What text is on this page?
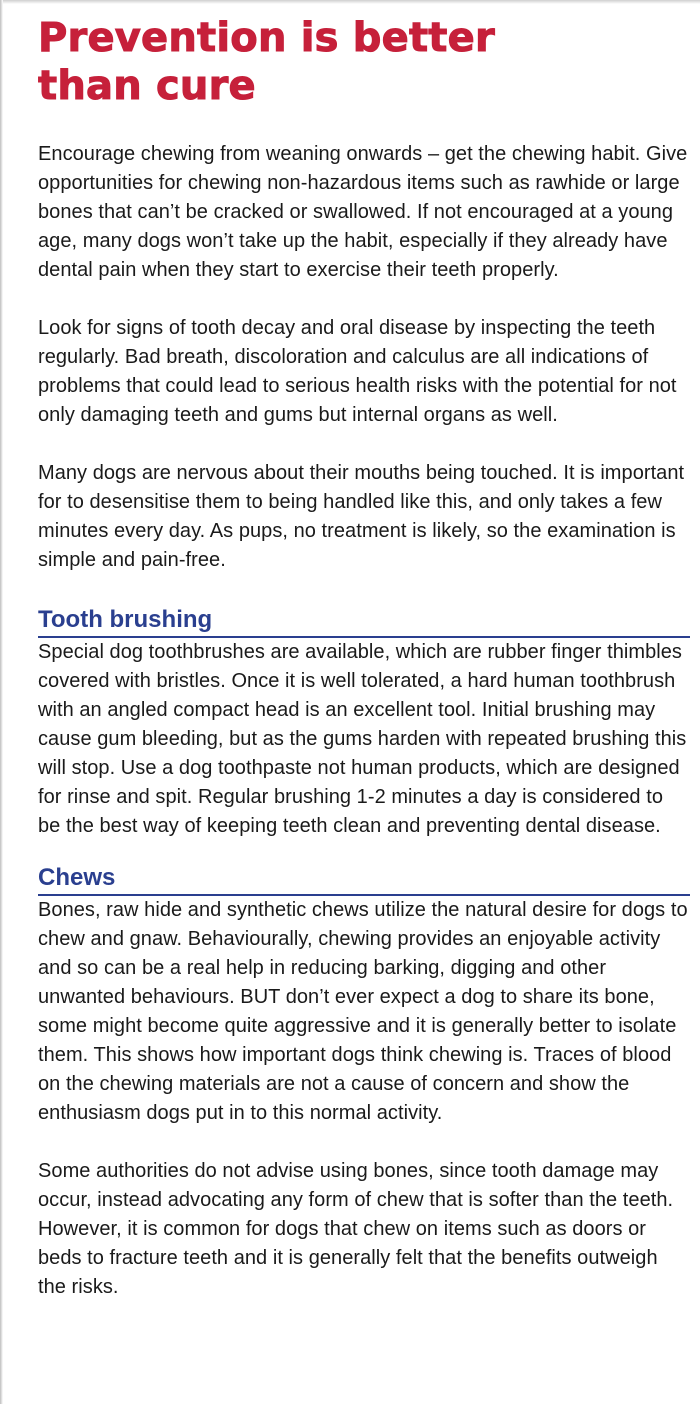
Prevention is better
than cure

Encourage chewing from weaning onwards – get the chewing habit. Give opportunities for chewing non-hazardous items such as rawhide or large bones that can’t be cracked or swallowed. If not encouraged at a young age, many dogs won’t take up the habit, especially if they already have dental pain when they start to exercise their teeth properly.

Look for signs of tooth decay and oral disease by inspecting the teeth regularly. Bad breath, discoloration and calculus are all indications of problems that could lead to serious health risks with the potential for not only damaging teeth and gums but internal organs as well.

Many dogs are nervous about their mouths being touched. It is important for to desensitise them to being handled like this, and only takes a few minutes every day. As pups, no treatment is likely, so the examination is simple and pain-free.

Tooth brushing

Special dog toothbrushes are available, which are rubber finger thimbles covered with bristles. Once it is well tolerated, a hard human toothbrush with an angled compact head is an excellent tool. Initial brushing may cause gum bleeding, but as the gums harden with repeated brushing this will stop. Use a dog toothpaste not human products, which are designed for rinse and spit. Regular brushing 1-2 minutes a day is considered to be the best way of keeping teeth clean and preventing dental disease.

Chews

Bones, raw hide and synthetic chews utilize the natural desire for dogs to chew and gnaw. Behaviourally, chewing provides an enjoyable activity and so can be a real help in reducing barking, digging and other unwanted behaviours. BUT don’t ever expect a dog to share its bone, some might become quite aggressive and it is generally better to isolate them. This shows how important dogs think chewing is. Traces of blood on the chewing materials are not a cause of concern and show the enthusiasm dogs put in to this normal activity.

Some authorities do not advise using bones, since tooth damage may occur, instead advocating any form of chew that is softer than the teeth. However, it is common for dogs that chew on items such as doors or beds to fracture teeth and it is generally felt that the benefits outweigh the risks.
